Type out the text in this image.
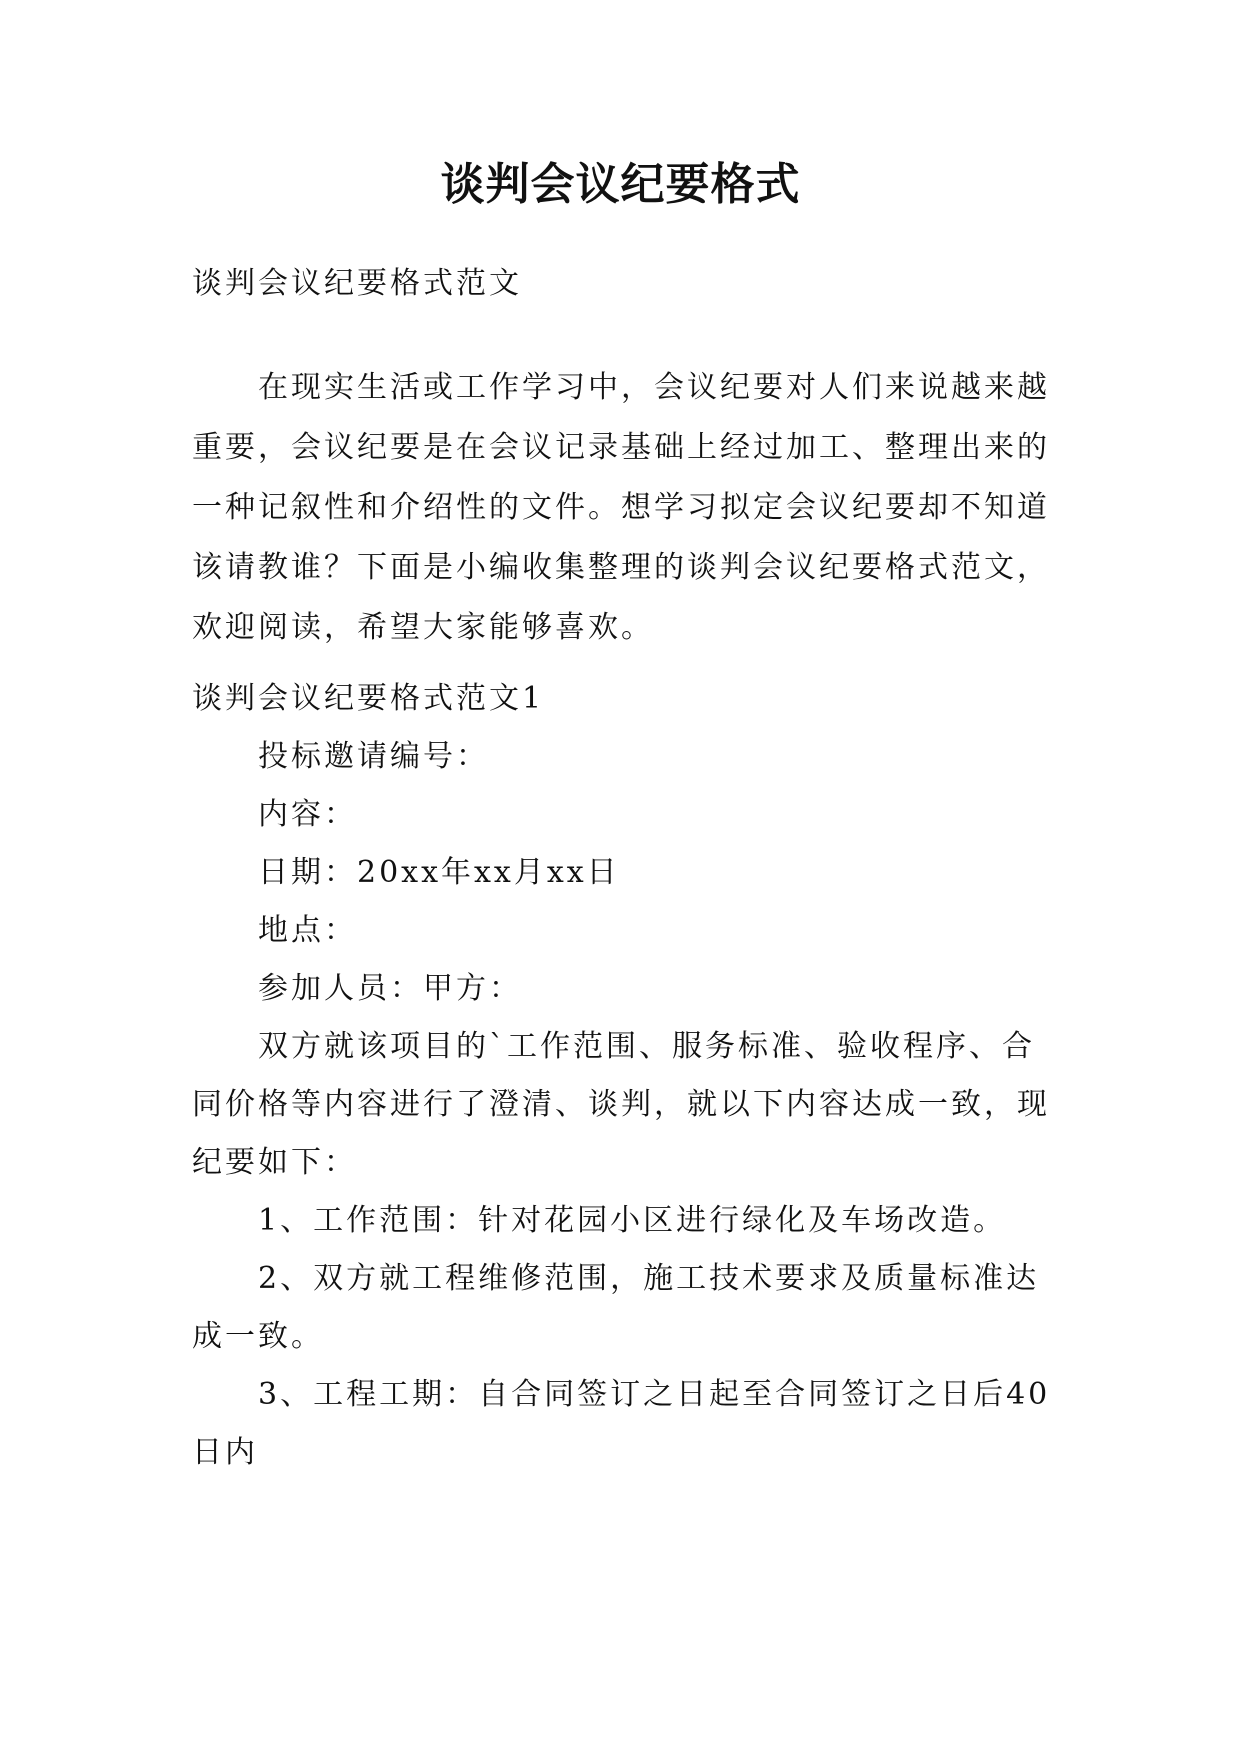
谈判会议纪要格式
谈判会议纪要格式范文
在现实生活或工作学习中，会议纪要对人们来说越来越
重要，会议纪要是在会议记录基础上经过加工、整理出来的
一种记叙性和介绍性的文件。想学习拟定会议纪要却不知道
该请教谁？下面是小编收集整理的谈判会议纪要格式范文，
欢迎阅读，希望大家能够喜欢。
谈判会议纪要格式范文1
投标邀请编号：
内容：
日期：20xx年xx月xx日
地点：
参加人员：甲方：
双方就该项目的`工作范围、服务标准、验收程序、合
同价格等内容进行了澄清、谈判，就以下内容达成一致，现
纪要如下：
1、工作范围：针对花园小区进行绿化及车场改造。
2、双方就工程维修范围，施工技术要求及质量标准达
成一致。
3、工程工期：自合同签订之日起至合同签订之日后40
日内
